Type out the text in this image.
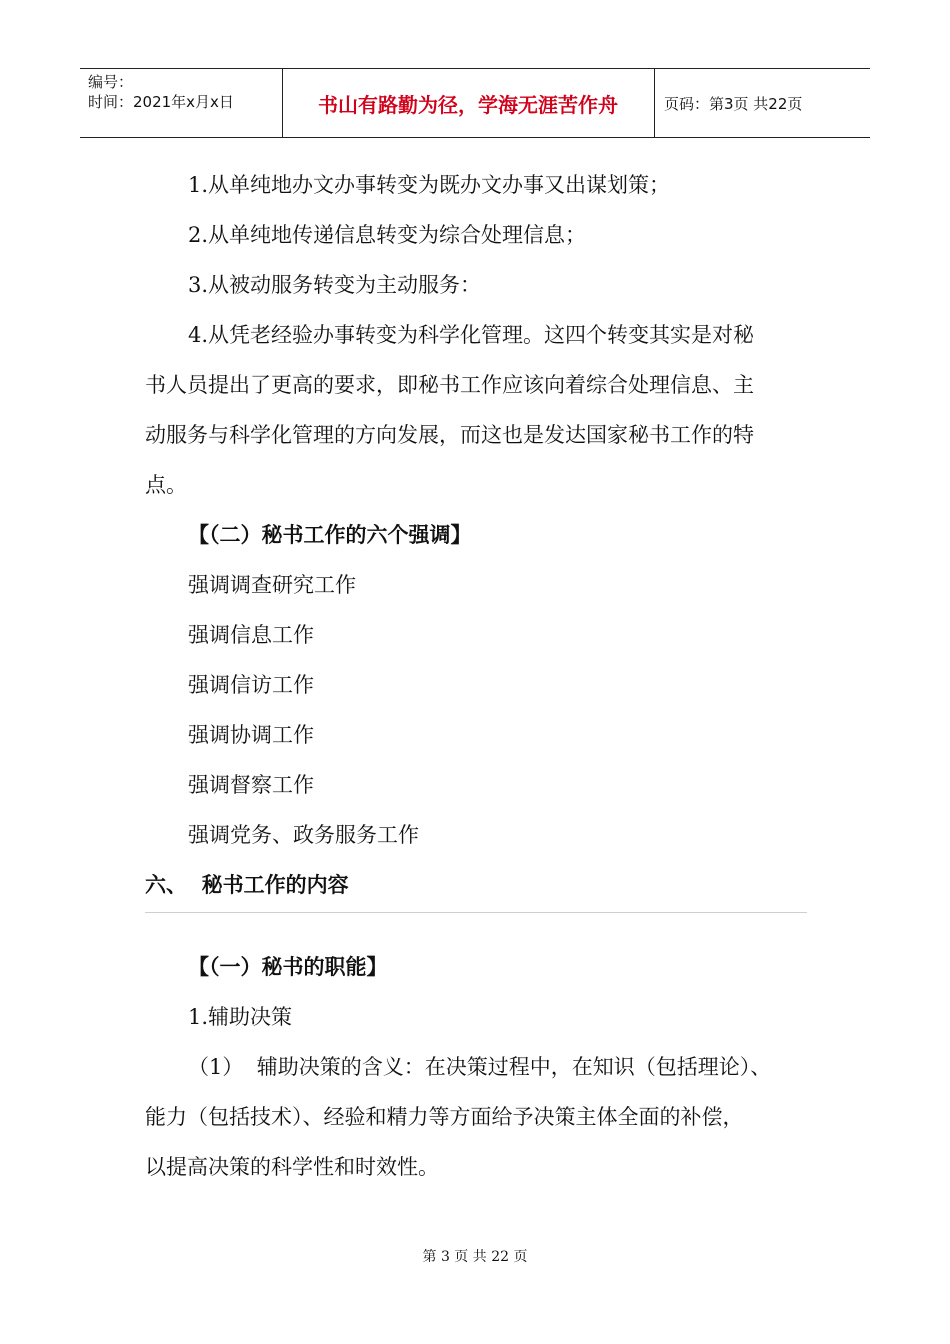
编号：
时间：2021年x月x日	书山有路勤为径，学海无涯苦作舟	页码：第3页 共22页
1.从单纯地办文办事转变为既办文办事又出谋划策；
2.从单纯地传递信息转变为综合处理信息；
3.从被动服务转变为主动服务：
4.从凭老经验办事转变为科学化管理。这四个转变其实是对秘
书人员提出了更高的要求，即秘书工作应该向着综合处理信息、主
动服务与科学化管理的方向发展，而这也是发达国家秘书工作的特
点。
【（二）秘书工作的六个强调】
强调调查研究工作
强调信息工作
强调信访工作
强调协调工作
强调督察工作
强调党务、政务服务工作
六、  秘书工作的内容
【（一）秘书的职能】
1.辅助决策
（1）  辅助决策的含义：在决策过程中，在知识（包括理论）、
能力（包括技术）、经验和精力等方面给予决策主体全面的补偿，
以提高决策的科学性和时效性。
第 3 页 共 22 页
